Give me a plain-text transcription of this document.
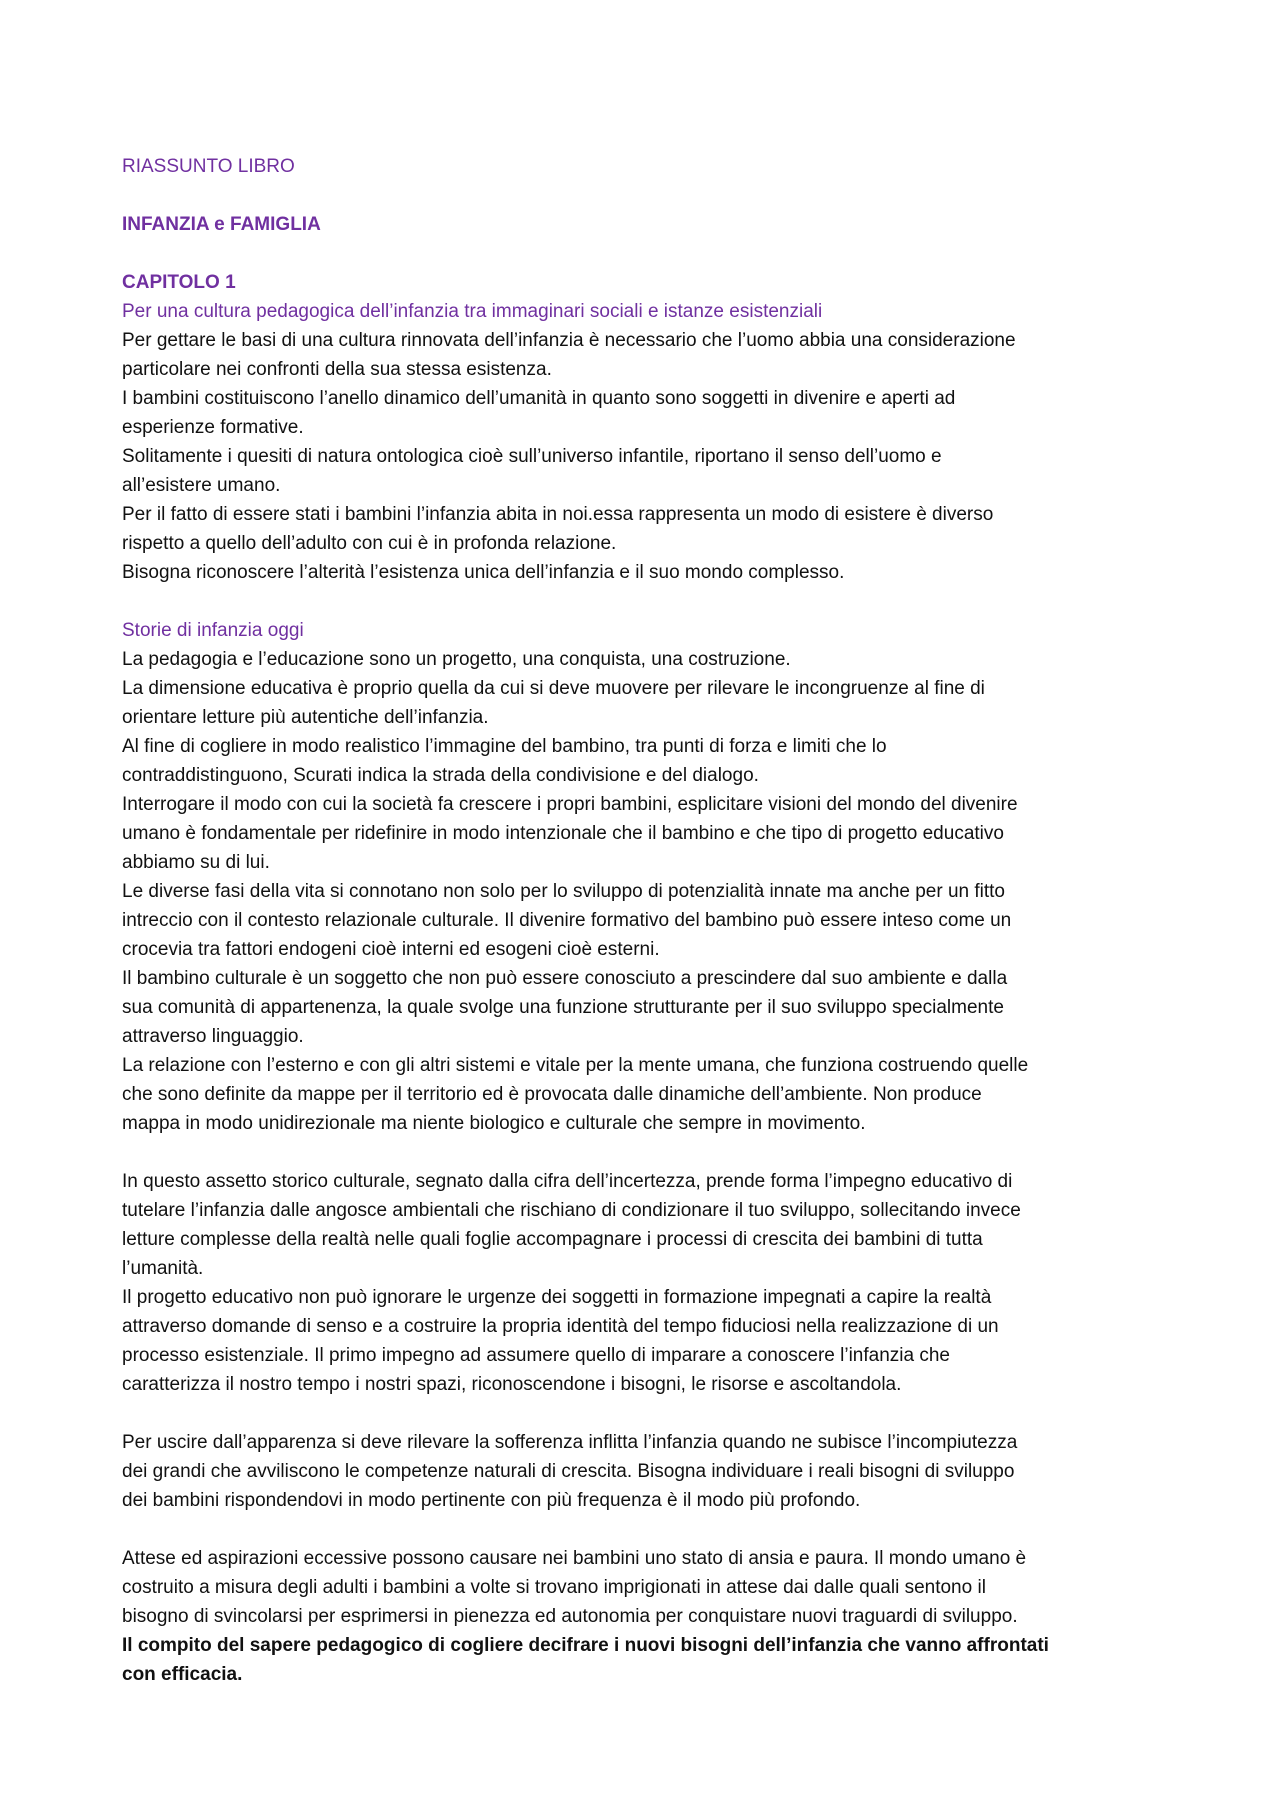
RIASSUNTO LIBRO

INFANZIA e FAMIGLIA

CAPITOLO 1

Per una cultura pedagogica dell’infanzia tra immaginari sociali e istanze esistenziali

Per gettare le basi di una cultura rinnovata dell’infanzia è necessario che l’uomo abbia una considerazione
particolare nei confronti della sua stessa esistenza.
I bambini costituiscono l’anello dinamico dell’umanità in quanto sono soggetti in divenire e aperti ad
esperienze formative.
Solitamente i quesiti di natura ontologica cioè sull’universo infantile, riportano il senso dell’uomo e
all’esistere umano.
Per il fatto di essere stati i bambini l’infanzia abita in noi.essa rappresenta un modo di esistere è diverso
rispetto a quello dell’adulto con cui è in profonda relazione.
Bisogna riconoscere l’alterità l’esistenza unica dell’infanzia e il suo mondo complesso.

Storie di infanzia oggi

La pedagogia e l’educazione sono un progetto, una conquista, una costruzione.
La dimensione educativa è proprio quella da cui si deve muovere per rilevare le incongruenze al fine di
orientare letture più autentiche dell’infanzia.
Al fine di cogliere in modo realistico l’immagine del bambino, tra punti di forza e limiti che lo
contraddistinguono, Scurati indica la strada della condivisione e del dialogo.
Interrogare il modo con cui la società fa crescere i propri bambini, esplicitare visioni del mondo del divenire
umano è fondamentale per ridefinire in modo intenzionale che il bambino e che tipo di progetto educativo
abbiamo su di lui.
Le diverse fasi della vita si connotano non solo per lo sviluppo di potenzialità innate ma anche per un fitto
intreccio con il contesto relazionale culturale. Il divenire formativo del bambino può essere inteso come un
crocevia tra fattori endogeni cioè interni ed esogeni cioè esterni.
Il bambino culturale è un soggetto che non può essere conosciuto a prescindere dal suo ambiente e dalla
sua comunità di appartenenza, la quale svolge una funzione strutturante per il suo sviluppo specialmente
attraverso linguaggio.
La relazione con l’esterno e con gli altri sistemi e vitale per la mente umana, che funziona costruendo quelle
che sono definite da mappe per il territorio ed è provocata dalle dinamiche dell’ambiente. Non produce
mappa in modo unidirezionale ma niente biologico e culturale che sempre in movimento.
In questo assetto storico culturale, segnato dalla cifra dell’incertezza, prende forma l’impegno educativo di
tutelare l’infanzia dalle angosce ambientali che rischiano di condizionare il tuo sviluppo, sollecitando invece
letture complesse della realtà nelle quali foglie accompagnare i processi di crescita dei bambini di tutta
l’umanità.
Il progetto educativo non può ignorare le urgenze dei soggetti in formazione impegnati a capire la realtà
attraverso domande di senso e a costruire la propria identità del tempo fiduciosi nella realizzazione di un
processo esistenziale. Il primo impegno ad assumere quello di imparare a conoscere l’infanzia che
caratterizza il nostro tempo i nostri spazi, riconoscendone i bisogni, le risorse e ascoltandola.
Per uscire dall’apparenza si deve rilevare la sofferenza inflitta l’infanzia quando ne subisce l’incompiutezza
dei grandi che avviliscono le competenze naturali di crescita. Bisogna individuare i reali bisogni di sviluppo
dei bambini rispondendovi in modo pertinente con più frequenza è il modo più profondo.
Attese ed aspirazioni eccessive possono causare nei bambini uno stato di ansia e paura. Il mondo umano è
costruito a misura degli adulti i bambini a volte si trovano imprigionati in attese dai dalle quali sentono il
bisogno di svincolarsi per esprimersi in pienezza ed autonomia per conquistare nuovi traguardi di sviluppo.
Il compito del sapere pedagogico di cogliere decifrare i nuovi bisogni dell’infanzia che vanno affrontati
con efficacia.
